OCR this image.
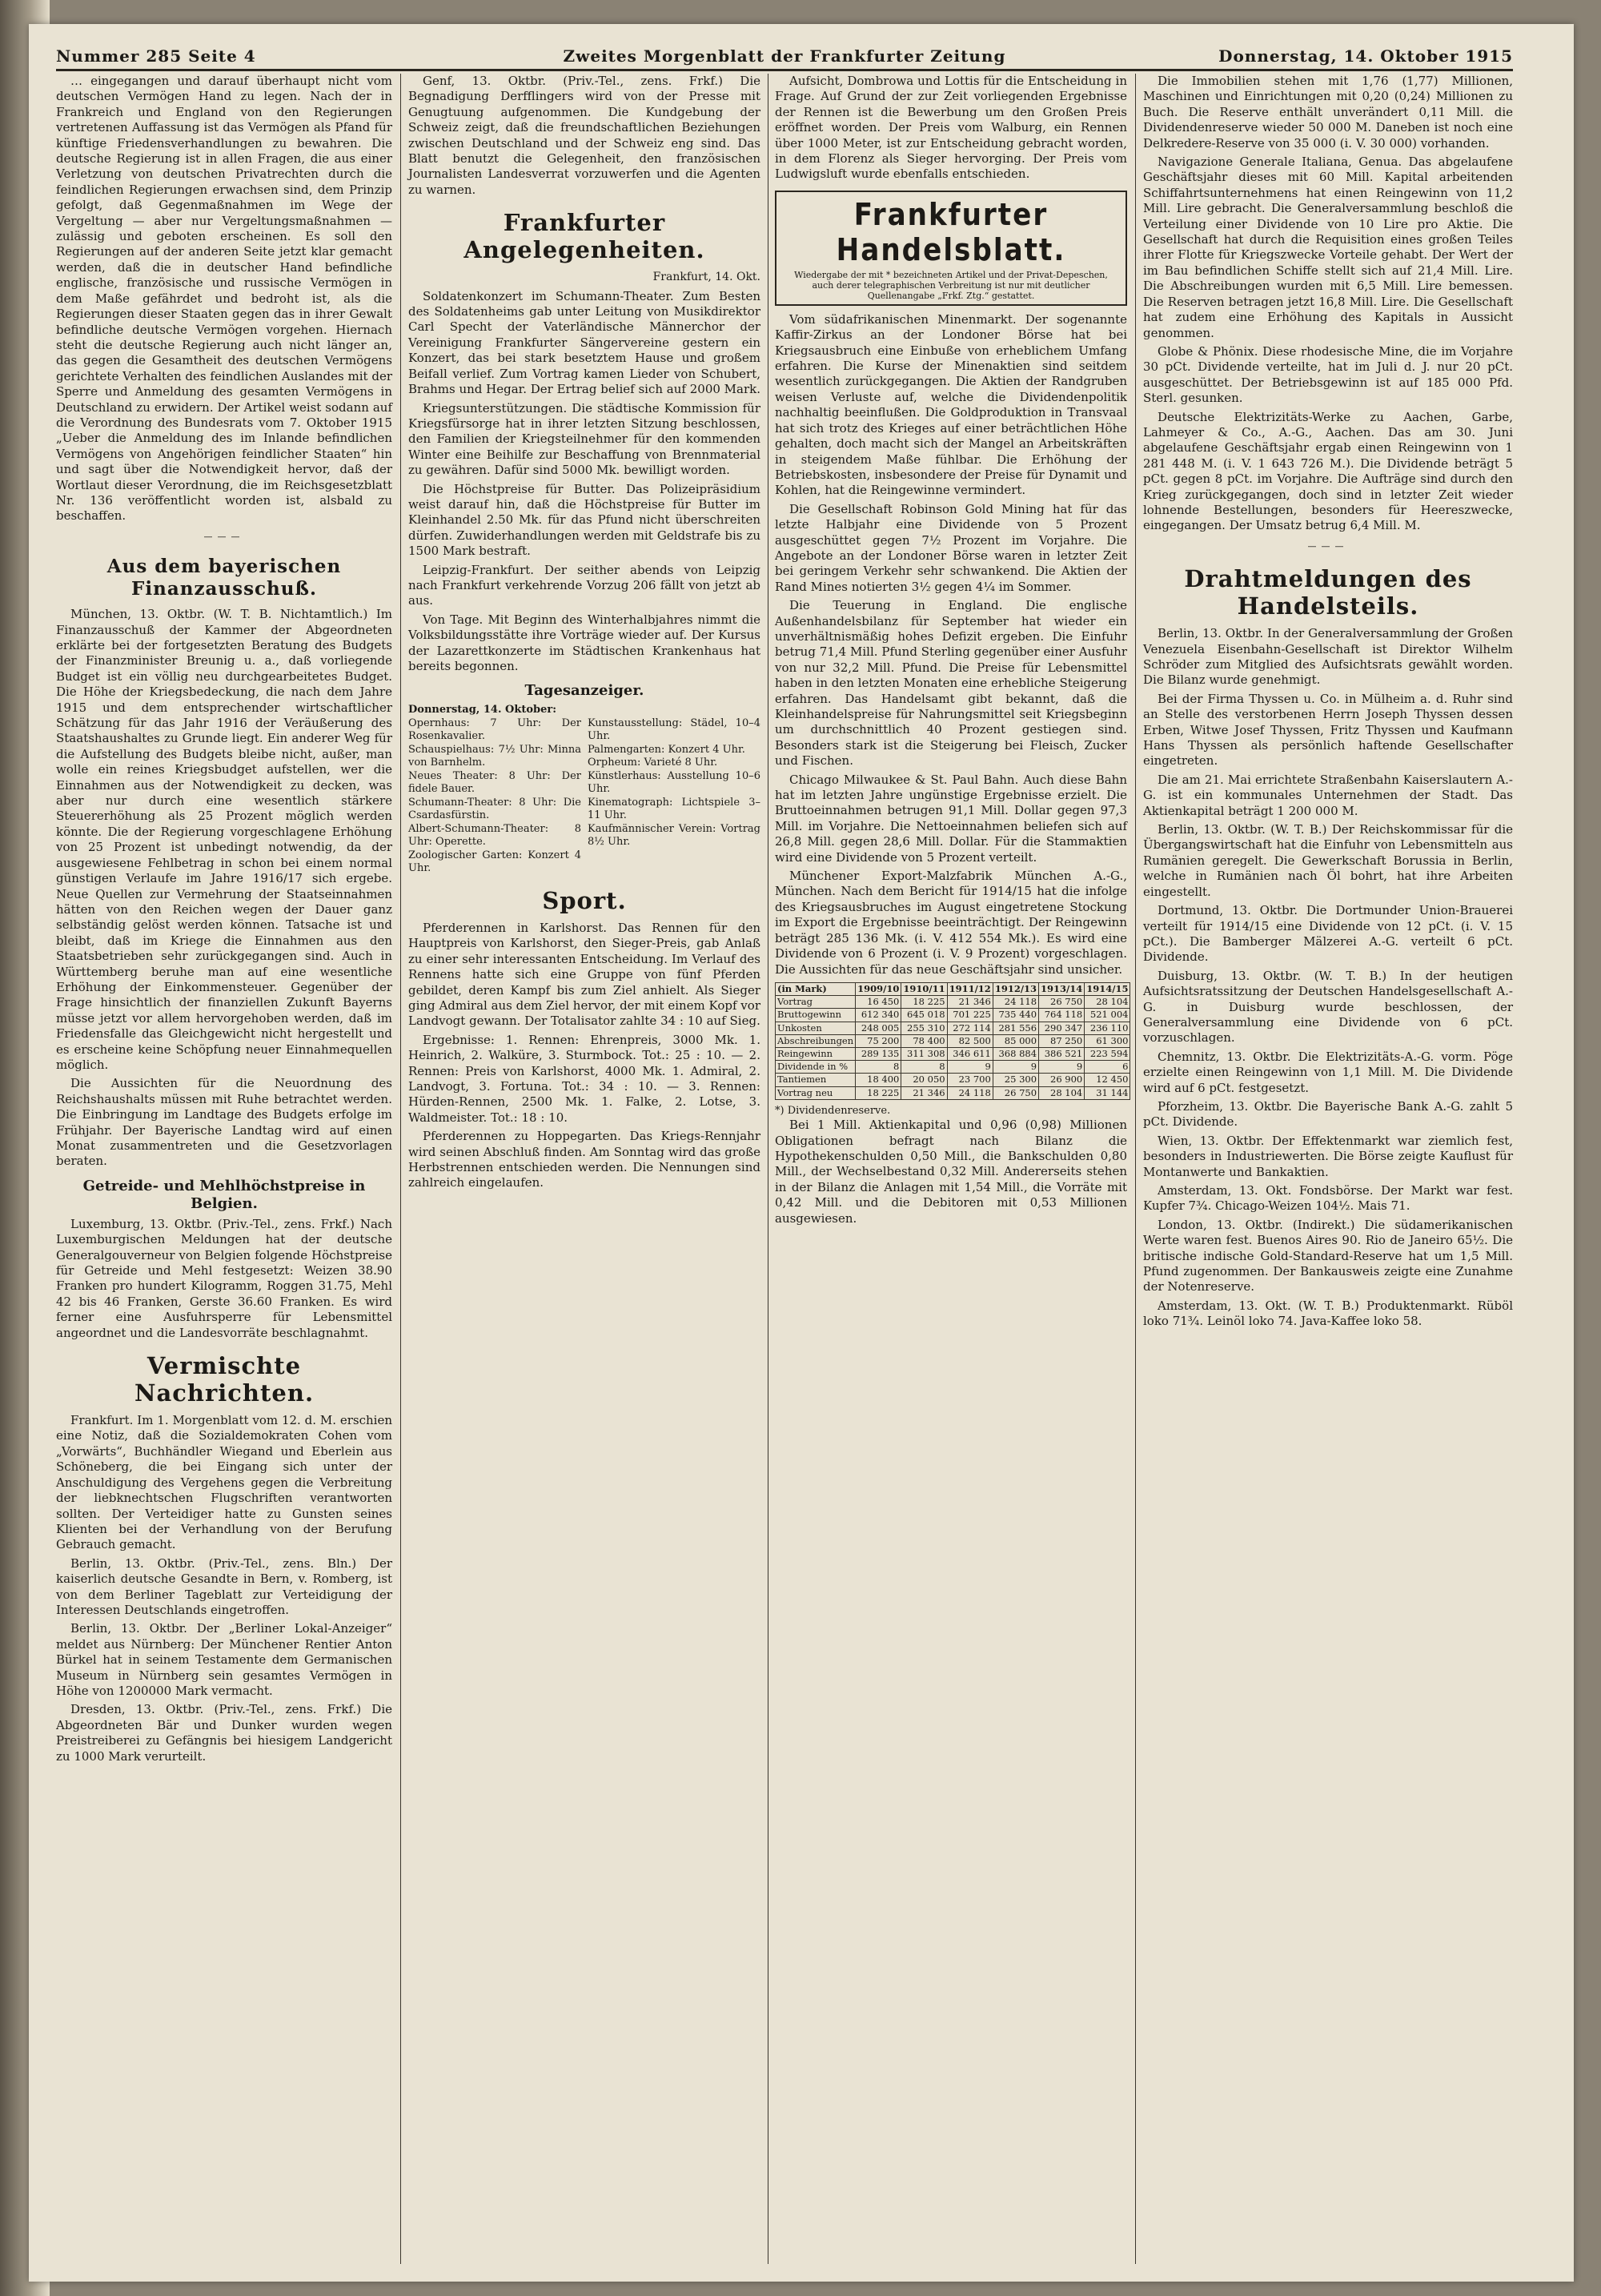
Nummer 285 Seite 4	Zweites Morgenblatt der Frankfurter Zeitung	Donnerstag, 14. Oktober 1915

… eingegangen und darauf überhaupt nicht vom deutschen Vermögen Hand zu legen. Nach der in Frankreich und England von den Regierungen vertretenen Auffassung ist das Vermögen als Pfand für künftige Friedensverhandlungen zu bewahren. Die deutsche Regierung ist in allen Fragen, die aus einer Verletzung von deutschen Privatrechten durch die feindlichen Regierungen erwachsen sind, dem Prinzip gefolgt, daß Gegenmaßnahmen im Wege der Vergeltung — aber nur Vergeltungsmaßnahmen — zulässig und geboten erscheinen. Es soll den Regierungen auf der anderen Seite jetzt klar gemacht werden, daß die in deutscher Hand befindliche englische, französische und russische Vermögen in dem Maße gefährdet und bedroht ist, als die Regierungen dieser Staaten gegen das in ihrer Gewalt befindliche deutsche Vermögen vorgehen. Hiernach steht die deutsche Regierung auch nicht länger an, das gegen die Gesamtheit des deutschen Vermögens gerichtete Verhalten des feindlichen Auslandes mit der Sperre und Anmeldung des gesamten Vermögens in Deutschland zu erwidern. Der Artikel weist sodann auf die Verordnung des Bundesrats vom 7. Oktober 1915 „Ueber die Anmeldung des im Inlande befindlichen Vermögens von Angehörigen feindlicher Staaten“ hin und sagt über die Notwendigkeit hervor, daß der Wortlaut dieser Verordnung, die im Reichsgesetzblatt Nr. 136 veröffentlicht worden ist, alsbald zu beschaffen.

———
Aus dem bayerischen Finanzausschuß.

München, 13. Oktbr. (W. T. B. Nichtamtlich.) Im Finanzausschuß der Kammer der Abgeordneten erklärte bei der fortgesetzten Beratung des Budgets der Finanzminister Breunig u. a., daß vorliegende Budget ist ein völlig neu durchgearbeitetes Budget. Die Höhe der Kriegsbedeckung, die nach dem Jahre 1915 und dem entsprechender wirtschaftlicher Schätzung für das Jahr 1916 der Veräußerung des Staatshaushaltes zu Grunde liegt. Ein anderer Weg für die Aufstellung des Budgets bleibe nicht, außer, man wolle ein reines Kriegsbudget aufstellen, wer die Einnahmen aus der Notwendigkeit zu decken, was aber nur durch eine wesentlich stärkere Steuererhöhung als 25 Prozent möglich werden könnte. Die der Regierung vorgeschlagene Erhöhung von 25 Prozent ist unbedingt notwendig, da der ausgewiesene Fehlbetrag in schon bei einem normal günstigen Verlaufe im Jahre 1916/17 sich ergebe. Neue Quellen zur Vermehrung der Staatseinnahmen hätten von den Reichen wegen der Dauer ganz selbständig gelöst werden können. Tatsache ist und bleibt, daß im Kriege die Einnahmen aus den Staatsbetrieben sehr zurückgegangen sind. Auch in Württemberg beruhe man auf eine wesentliche Erhöhung der Einkommensteuer. Gegenüber der Frage hinsichtlich der finanziellen Zukunft Bayerns müsse jetzt vor allem hervorgehoben werden, daß im Friedensfalle das Gleichgewicht nicht hergestellt und es erscheine keine Schöpfung neuer Einnahmequellen möglich.

Die Aussichten für die Neuordnung des Reichshaushalts müssen mit Ruhe betrachtet werden. Die Einbringung im Landtage des Budgets erfolge im Frühjahr. Der Bayerische Landtag wird auf einen Monat zusammentreten und die Gesetzvorlagen beraten.

Getreide- und Mehlhöchstpreise in Belgien.

Luxemburg, 13. Oktbr. (Priv.-Tel., zens. Frkf.) Nach Luxemburgischen Meldungen hat der deutsche Generalgouverneur von Belgien folgende Höchstpreise für Getreide und Mehl festgesetzt: Weizen 38.90 Franken pro hundert Kilogramm, Roggen 31.75, Mehl 42 bis 46 Franken, Gerste 36.60 Franken. Es wird ferner eine Ausfuhrsperre für Lebensmittel angeordnet und die Landesvorräte beschlagnahmt.

Vermischte Nachrichten.

Frankfurt. Im 1. Morgenblatt vom 12. d. M. erschien eine Notiz, daß die Sozialdemokraten Cohen vom „Vorwärts“, Buchhändler Wiegand und Eberlein aus Schöneberg, die bei Eingang sich unter der Anschuldigung des Vergehens gegen die Verbreitung der liebknechtschen Flugschriften verantworten sollten. Der Verteidiger hatte zu Gunsten seines Klienten bei der Verhandlung von der Berufung Gebrauch gemacht.

Berlin, 13. Oktbr. (Priv.-Tel., zens. Bln.) Der kaiserlich deutsche Gesandte in Bern, v. Romberg, ist von dem Berliner Tageblatt zur Verteidigung der Interessen Deutschlands eingetroffen.

Berlin, 13. Oktbr. Der „Berliner Lokal-Anzeiger“ meldet aus Nürnberg: Der Münchener Rentier Anton Bürkel hat in seinem Testamente dem Germanischen Museum in Nürnberg sein gesamtes Vermögen in Höhe von 1200000 Mark vermacht.

Dresden, 13. Oktbr. (Priv.-Tel., zens. Frkf.) Die Abgeordneten Bär und Dunker wurden wegen Preistreiberei zu Gefängnis bei hiesigem Landgericht zu 1000 Mark verurteilt.

Genf, 13. Oktbr. (Priv.-Tel., zens. Frkf.) Die Begnadigung Derfflingers wird von der Presse mit Genugtuung aufgenommen. Die Kundgebung der Schweiz zeigt, daß die freundschaftlichen Beziehungen zwischen Deutschland und der Schweiz eng sind. Das Blatt benutzt die Gelegenheit, den französischen Journalisten Landesverrat vorzuwerfen und die Agenten zu warnen.

Frankfurter Angelegenheiten.
Frankfurt, 14. Okt.

Soldatenkonzert im Schumann-Theater. Zum Besten des Soldatenheims gab unter Leitung von Musikdirektor Carl Specht der Vaterländische Männerchor der Vereinigung Frankfurter Sängervereine gestern ein Konzert, das bei stark besetztem Hause und großem Beifall verlief. Zum Vortrag kamen Lieder von Schubert, Brahms und Hegar. Der Ertrag belief sich auf 2000 Mark.

Kriegsunterstützungen. Die städtische Kommission für Kriegsfürsorge hat in ihrer letzten Sitzung beschlossen, den Familien der Kriegsteilnehmer für den kommenden Winter eine Beihilfe zur Beschaffung von Brennmaterial zu gewähren. Dafür sind 5000 Mk. bewilligt worden.

Die Höchstpreise für Butter. Das Polizeipräsidium weist darauf hin, daß die Höchstpreise für Butter im Kleinhandel 2.50 Mk. für das Pfund nicht überschreiten dürfen. Zuwiderhandlungen werden mit Geldstrafe bis zu 1500 Mark bestraft.

Leipzig-Frankfurt. Der seither abends von Leipzig nach Frankfurt verkehrende Vorzug 206 fällt von jetzt ab aus.

Von Tage. Mit Beginn des Winterhalbjahres nimmt die Volksbildungsstätte ihre Vorträge wieder auf. Der Kursus der Lazarettkonzerte im Städtischen Krankenhaus hat bereits begonnen.

Tagesanzeiger.
Donnerstag, 14. Oktober:
Opernhaus: 7 Uhr: Der Rosenkavalier.
Schauspielhaus: 7½ Uhr: Minna von Barnhelm.
Neues Theater: 8 Uhr: Der fidele Bauer.
Schumann-Theater: 8 Uhr: Die Csardasfürstin.
Albert-Schumann-Theater: 8 Uhr: Operette.
Zoologischer Garten: Konzert 4 Uhr.
Kunstausstellung: Städel, 10–4 Uhr.
Palmengarten: Konzert 4 Uhr.
Orpheum: Varieté 8 Uhr.
Künstlerhaus: Ausstellung 10–6 Uhr.
Kinematograph: Lichtspiele 3–11 Uhr.
Kaufmännischer Verein: Vortrag 8½ Uhr.
Sport.

Pferderennen in Karlshorst. Das Rennen für den Hauptpreis von Karlshorst, den Sieger-Preis, gab Anlaß zu einer sehr interessanten Entscheidung. Im Verlauf des Rennens hatte sich eine Gruppe von fünf Pferden gebildet, deren Kampf bis zum Ziel anhielt. Als Sieger ging Admiral aus dem Ziel hervor, der mit einem Kopf vor Landvogt gewann. Der Totalisator zahlte 34 : 10 auf Sieg.

Ergebnisse: 1. Rennen: Ehrenpreis, 3000 Mk. 1. Heinrich, 2. Walküre, 3. Sturmbock. Tot.: 25 : 10. — 2. Rennen: Preis von Karlshorst, 4000 Mk. 1. Admiral, 2. Landvogt, 3. Fortuna. Tot.: 34 : 10. — 3. Rennen: Hürden-Rennen, 2500 Mk. 1. Falke, 2. Lotse, 3. Waldmeister. Tot.: 18 : 10.

Pferderennen zu Hoppegarten. Das Kriegs-Rennjahr wird seinen Abschluß finden. Am Sonntag wird das große Herbstrennen entschieden werden. Die Nennungen sind zahlreich eingelaufen.

Aufsicht, Dombrowa und Lottis für die Entscheidung in Frage. Auf Grund der zur Zeit vorliegenden Ergebnisse der Rennen ist die Bewerbung um den Großen Preis eröffnet worden. Der Preis vom Walburg, ein Rennen über 1000 Meter, ist zur Entscheidung gebracht worden, in dem Florenz als Sieger hervorging. Der Preis vom Ludwigsluft wurde ebenfalls entschieden.

Frankfurter Handelsblatt.
Wiedergabe der mit * bezeichneten Artikel und der Privat-Depeschen, auch derer telegraphischen Verbreitung ist nur mit deutlicher Quellenangabe „Frkf. Ztg.“ gestattet.

Vom südafrikanischen Minenmarkt. Der sogenannte Kaffir-Zirkus an der Londoner Börse hat bei Kriegsausbruch eine Einbuße von erheblichem Umfang erfahren. Die Kurse der Minenaktien sind seitdem wesentlich zurückgegangen. Die Aktien der Randgruben weisen Verluste auf, welche die Dividendenpolitik nachhaltig beeinflußen. Die Goldproduktion in Transvaal hat sich trotz des Krieges auf einer beträchtlichen Höhe gehalten, doch macht sich der Mangel an Arbeitskräften in steigendem Maße fühlbar. Die Erhöhung der Betriebskosten, insbesondere der Preise für Dynamit und Kohlen, hat die Reingewinne vermindert.

Die Gesellschaft Robinson Gold Mining hat für das letzte Halbjahr eine Dividende von 5 Prozent ausgeschüttet gegen 7½ Prozent im Vorjahre. Die Angebote an der Londoner Börse waren in letzter Zeit bei geringem Verkehr sehr schwankend. Die Aktien der Rand Mines notierten 3½ gegen 4¼ im Sommer.

Die Teuerung in England. Die englische Außenhandelsbilanz für September hat wieder ein unverhältnismäßig hohes Defizit ergeben. Die Einfuhr betrug 71,4 Mill. Pfund Sterling gegenüber einer Ausfuhr von nur 32,2 Mill. Pfund. Die Preise für Lebensmittel haben in den letzten Monaten eine erhebliche Steigerung erfahren. Das Handelsamt gibt bekannt, daß die Kleinhandelspreise für Nahrungsmittel seit Kriegsbeginn um durchschnittlich 40 Prozent gestiegen sind. Besonders stark ist die Steigerung bei Fleisch, Zucker und Fischen.

Chicago Milwaukee & St. Paul Bahn. Auch diese Bahn hat im letzten Jahre ungünstige Ergebnisse erzielt. Die Bruttoeinnahmen betrugen 91,1 Mill. Dollar gegen 97,3 Mill. im Vorjahre. Die Nettoeinnahmen beliefen sich auf 26,8 Mill. gegen 28,6 Mill. Dollar. Für die Stammaktien wird eine Dividende von 5 Prozent verteilt.

Münchener Export-Malzfabrik München A.-G., München. Nach dem Bericht für 1914/15 hat die infolge des Kriegsausbruches im August eingetretene Stockung im Export die Ergebnisse beeinträchtigt. Der Reingewinn beträgt 285 136 Mk. (i. V. 412 554 Mk.). Es wird eine Dividende von 6 Prozent (i. V. 9 Prozent) vorgeschlagen. Die Aussichten für das neue Geschäftsjahr sind unsicher.

(in Mark)	1909/10	1910/11	1911/12	1912/13	1913/14	1914/15
Vortrag	16 450	18 225	21 346	24 118	26 750	28 104
Bruttogewinn	612 340	645 018	701 225	735 440	764 118	521 004
Unkosten	248 005	255 310	272 114	281 556	290 347	236 110
Abschreibungen	75 200	78 400	82 500	85 000	87 250	61 300
Reingewinn	289 135	311 308	346 611	368 884	386 521	223 594
Dividende in %	8	8	9	9	9	6
Tantiemen	18 400	20 050	23 700	25 300	26 900	12 450
Vortrag neu	18 225	21 346	24 118	26 750	28 104	31 144
*) Dividendenreserve.

Bei 1 Mill. Aktienkapital und 0,96 (0,98) Millionen Obligationen befragt nach Bilanz die Hypothekenschulden 0,50 Mill., die Bankschulden 0,80 Mill., der Wechselbestand 0,32 Mill. Andererseits stehen in der Bilanz die Anlagen mit 1,54 Mill., die Vorräte mit 0,42 Mill. und die Debitoren mit 0,53 Millionen ausgewiesen.

Die Immobilien stehen mit 1,76 (1,77) Millionen, Maschinen und Einrichtungen mit 0,20 (0,24) Millionen zu Buch. Die Reserve enthält unverändert 0,11 Mill. die Dividendenreserve wieder 50 000 M. Daneben ist noch eine Delkredere-Reserve von 35 000 (i. V. 30 000) vorhanden.

Navigazione Generale Italiana, Genua. Das abgelaufene Geschäftsjahr dieses mit 60 Mill. Kapital arbeitenden Schiffahrtsunternehmens hat einen Reingewinn von 11,2 Mill. Lire gebracht. Die Generalversammlung beschloß die Verteilung einer Dividende von 10 Lire pro Aktie. Die Gesellschaft hat durch die Requisition eines großen Teiles ihrer Flotte für Kriegszwecke Vorteile gehabt. Der Wert der im Bau befindlichen Schiffe stellt sich auf 21,4 Mill. Lire. Die Abschreibungen wurden mit 6,5 Mill. Lire bemessen. Die Reserven betragen jetzt 16,8 Mill. Lire. Die Gesellschaft hat zudem eine Erhöhung des Kapitals in Aussicht genommen.

Globe & Phönix. Diese rhodesische Mine, die im Vorjahre 30 pCt. Dividende verteilte, hat im Juli d. J. nur 20 pCt. ausgeschüttet. Der Betriebsgewinn ist auf 185 000 Pfd. Sterl. gesunken.

Deutsche Elektrizitäts-Werke zu Aachen, Garbe, Lahmeyer & Co., A.-G., Aachen. Das am 30. Juni abgelaufene Geschäftsjahr ergab einen Reingewinn von 1 281 448 M. (i. V. 1 643 726 M.). Die Dividende beträgt 5 pCt. gegen 8 pCt. im Vorjahre. Die Aufträge sind durch den Krieg zurückgegangen, doch sind in letzter Zeit wieder lohnende Bestellungen, besonders für Heereszwecke, eingegangen. Der Umsatz betrug 6,4 Mill. M.

———
Drahtmeldungen des Handelsteils.

Berlin, 13. Oktbr. In der Generalversammlung der Großen Venezuela Eisenbahn-Gesellschaft ist Direktor Wilhelm Schröder zum Mitglied des Aufsichtsrats gewählt worden. Die Bilanz wurde genehmigt.

Bei der Firma Thyssen u. Co. in Mülheim a. d. Ruhr sind an Stelle des verstorbenen Herrn Joseph Thyssen dessen Erben, Witwe Josef Thyssen, Fritz Thyssen und Kaufmann Hans Thyssen als persönlich haftende Gesellschafter eingetreten.

Die am 21. Mai errichtete Straßenbahn Kaiserslautern A.-G. ist ein kommunales Unternehmen der Stadt. Das Aktienkapital beträgt 1 200 000 M.

Berlin, 13. Oktbr. (W. T. B.) Der Reichskommissar für die Übergangswirtschaft hat die Einfuhr von Lebensmitteln aus Rumänien geregelt. Die Gewerkschaft Borussia in Berlin, welche in Rumänien nach Öl bohrt, hat ihre Arbeiten eingestellt.

Dortmund, 13. Oktbr. Die Dortmunder Union-Brauerei verteilt für 1914/15 eine Dividende von 12 pCt. (i. V. 15 pCt.). Die Bamberger Mälzerei A.-G. verteilt 6 pCt. Dividende.

Duisburg, 13. Oktbr. (W. T. B.) In der heutigen Aufsichtsratssitzung der Deutschen Handelsgesellschaft A.-G. in Duisburg wurde beschlossen, der Generalversammlung eine Dividende von 6 pCt. vorzuschlagen.

Chemnitz, 13. Oktbr. Die Elektrizitäts-A.-G. vorm. Pöge erzielte einen Reingewinn von 1,1 Mill. M. Die Dividende wird auf 6 pCt. festgesetzt.

Pforzheim, 13. Oktbr. Die Bayerische Bank A.-G. zahlt 5 pCt. Dividende.

Wien, 13. Oktbr. Der Effektenmarkt war ziemlich fest, besonders in Industriewerten. Die Börse zeigte Kauflust für Montanwerte und Bankaktien.

Amsterdam, 13. Okt. Fondsbörse. Der Markt war fest. Kupfer 7¾. Chicago-Weizen 104½. Mais 71.

London, 13. Oktbr. (Indirekt.) Die südamerikanischen Werte waren fest. Buenos Aires 90. Rio de Janeiro 65½. Die britische indische Gold-Standard-Reserve hat um 1,5 Mill. Pfund zugenommen. Der Bankausweis zeigte eine Zunahme der Notenreserve.

Amsterdam, 13. Okt. (W. T. B.) Produktenmarkt. Rüböl loko 71¾. Leinöl loko 74. Java-Kaffee loko 58.
